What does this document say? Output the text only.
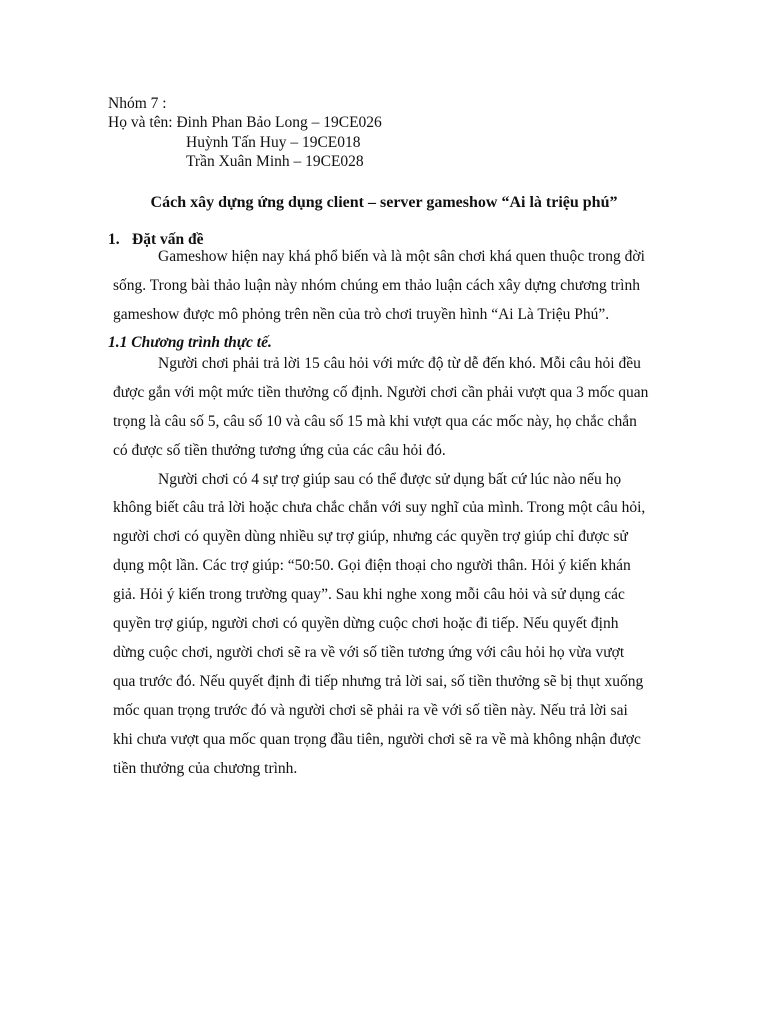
Nhóm 7 :
Họ và tên: Đinh Phan Bảo Long – 19CE026
Huỳnh Tấn Huy – 19CE018
Trần Xuân Minh – 19CE028
Cách xây dựng ứng dụng client – server gameshow “Ai là triệu phú”
1. Đặt vấn đề
Gameshow hiện nay khá phổ biến và là một sân chơi khá quen thuộc trong đời
sống. Trong bài thảo luận này nhóm chúng em thảo luận cách xây dựng chương trình
gameshow được mô phỏng trên nền của trò chơi truyền hình “Ai Là Triệu Phú”.
1.1 Chương trình thực tế.
Người chơi phải trả lời 15 câu hỏi với mức độ từ dễ đến khó. Mỗi câu hỏi đều
được gắn với một mức tiền thưởng cố định. Người chơi cần phải vượt qua 3 mốc quan
trọng là câu số 5, câu số 10 và câu số 15 mà khi vượt qua các mốc này, họ chắc chắn
có được số tiền thưởng tương ứng của các câu hỏi đó.
Người chơi có 4 sự trợ giúp sau có thể được sử dụng bất cứ lúc nào nếu họ
không biết câu trả lời hoặc chưa chắc chắn với suy nghĩ của mình. Trong một câu hỏi,
người chơi có quyền dùng nhiều sự trợ giúp, nhưng các quyền trợ giúp chỉ được sử
dụng một lần. Các trợ giúp: “50:50. Gọi điện thoại cho người thân. Hỏi ý kiến khán
giả. Hỏi ý kiến trong trường quay”. Sau khi nghe xong mỗi câu hỏi và sử dụng các
quyền trợ giúp, người chơi có quyền dừng cuộc chơi hoặc đi tiếp. Nếu quyết định
dừng cuộc chơi, người chơi sẽ ra về với số tiền tương ứng với câu hỏi họ vừa vượt
qua trước đó. Nếu quyết định đi tiếp nhưng trả lời sai, số tiền thưởng sẽ bị thụt xuống
mốc quan trọng trước đó và người chơi sẽ phải ra về với số tiền này. Nếu trả lời sai
khi chưa vượt qua mốc quan trọng đầu tiên, người chơi sẽ ra về mà không nhận được
tiền thưởng của chương trình.
